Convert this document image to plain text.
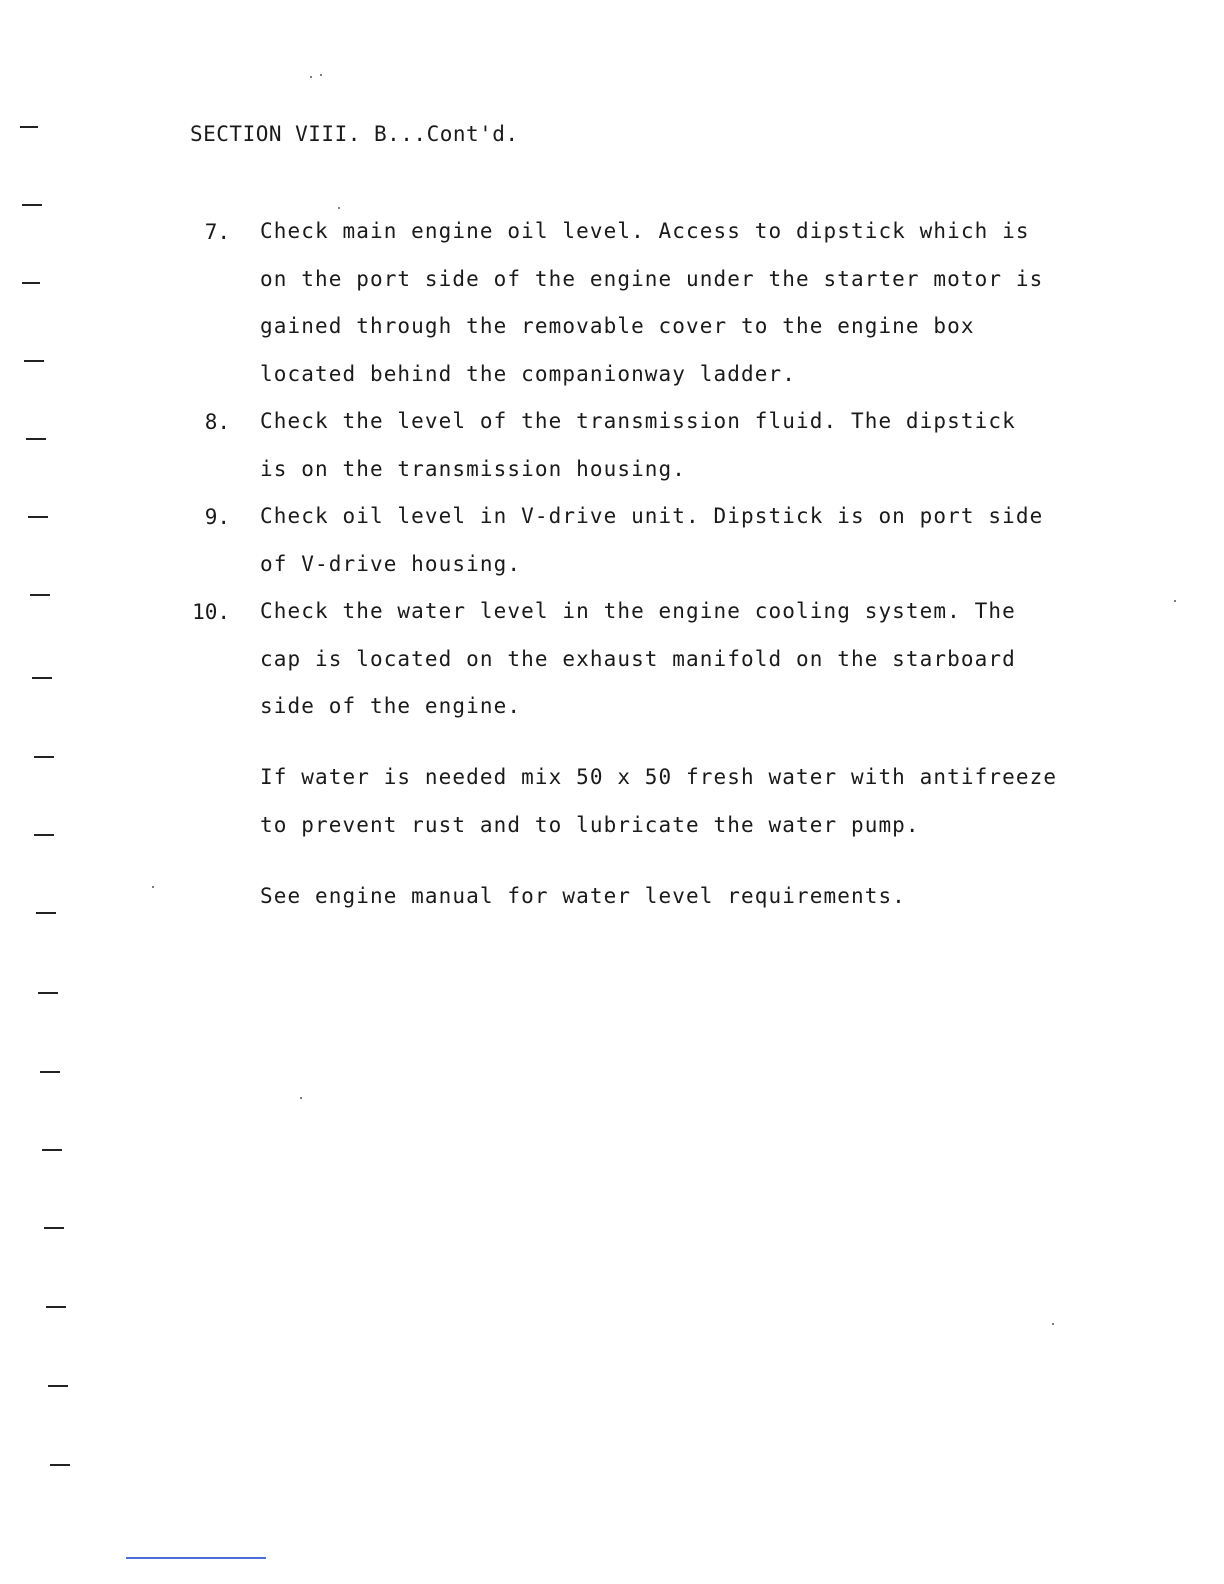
SECTION VIII. B...Cont'd.
7. Check main engine oil level. Access to dipstick which is
on the port side of the engine under the starter motor is
gained through the removable cover to the engine box
located behind the companionway ladder.
8. Check the level of the transmission fluid. The dipstick
is on the transmission housing.
9. Check oil level in V-drive unit. Dipstick is on port side
of V-drive housing.
10. Check the water level in the engine cooling system. The
cap is located on the exhaust manifold on the starboard
side of the engine.
If water is needed mix 50 x 50 fresh water with antifreeze
to prevent rust and to lubricate the water pump.
See engine manual for water level requirements.
